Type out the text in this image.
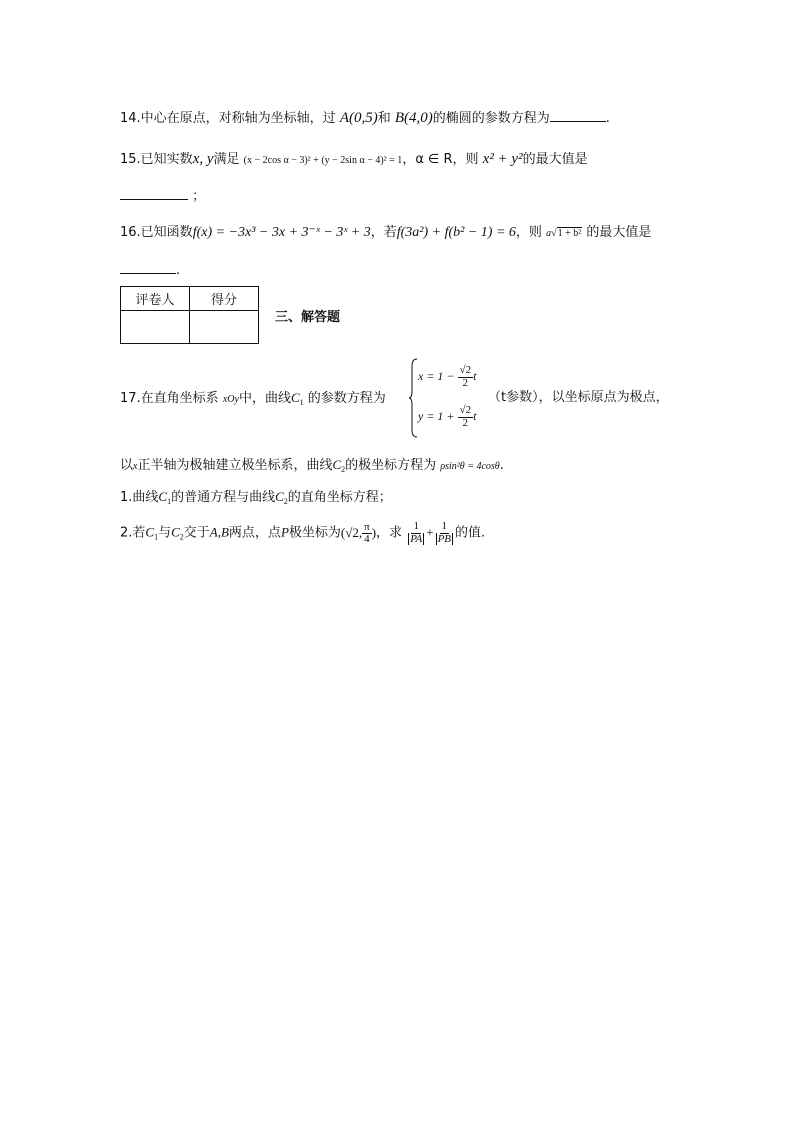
14.中心在原点，对称轴为坐标轴，过 A(0,5)和 B(4,0)的椭圆的参数方程为	.
15.已知实数x, y满足 (x − 2cos α − 3)² + (y − 2sin α − 4)² = 1，α ∈ R，则 x² + y²的最大值是
；
16.已知函数f(x) = −3x³ − 3x + 3⁻ˣ − 3ˣ + 3，若f(3a²) + f(b² − 1) = 6，则 a√1 + b² 的最大值是
.
评卷人	得分

三、解答题
17.在直角坐标系 xOy中，曲线$C_1$ 的参数方程为
$x = 1 - \frac{√2}{2}$ t
$y = 1 + \frac{√2}{2}$ t
（t参数），以坐标原点为极点，
以x正半轴为极轴建立极坐标系，曲线$C_2$的极坐标方程为 ρsin²θ = 4cosθ.
1.曲线$C_1$的普通方程与曲线$C_2$的直角坐标方程；
2.若$C_1$与$C_2$交于A,B两点，点P极坐标为(√2, $\frac{\pi}{4}$ )，求 $\frac{1}{PA} + \frac{1}{PB}$ 的值.
